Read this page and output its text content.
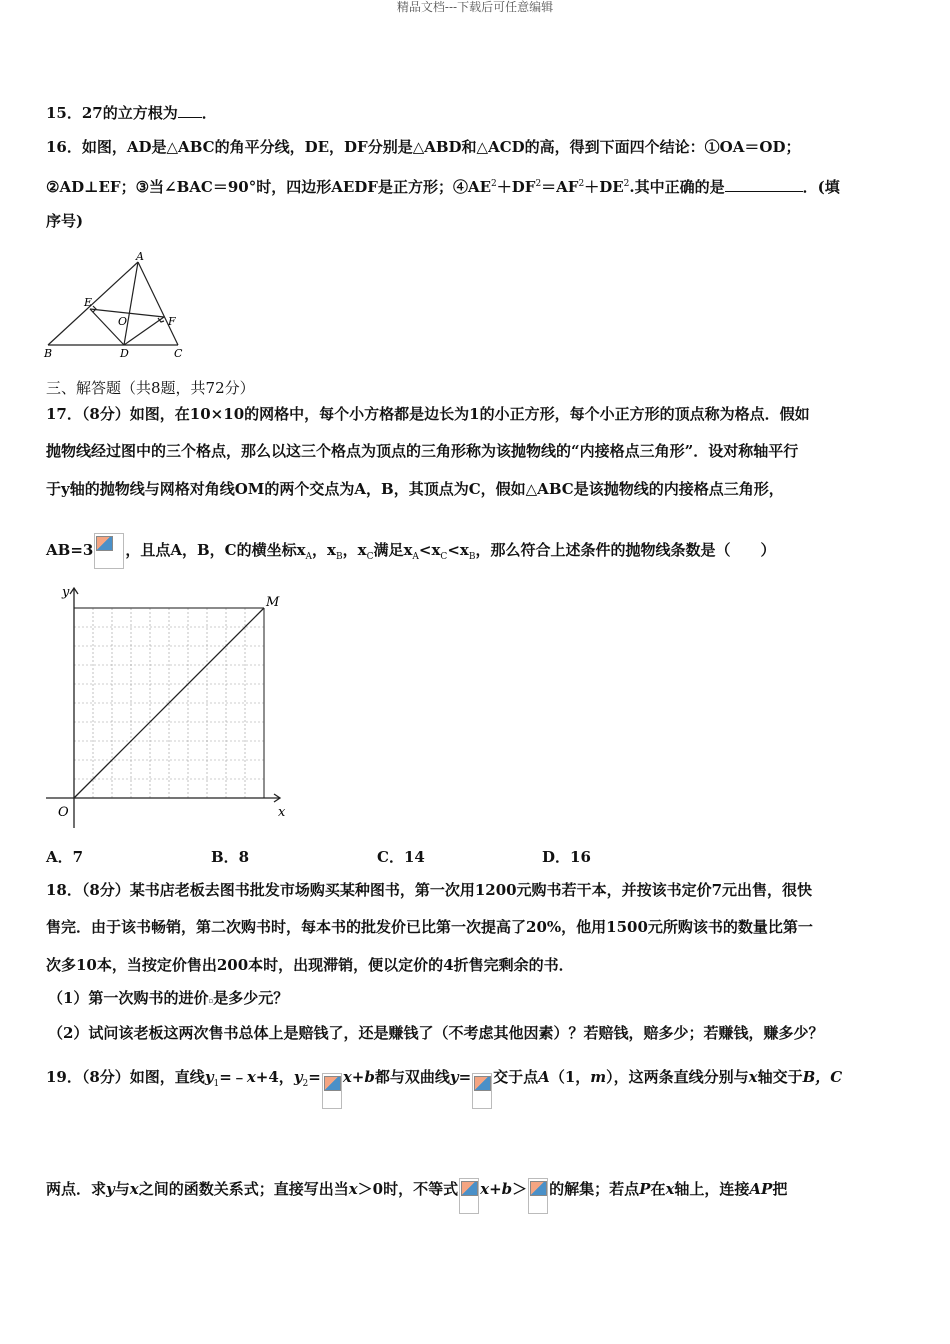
精品文档---下载后可任意编辑
15．27的立方根为 ．
16．如图，AD是△ABC的角平分线，DE，DF分别是△ABD和△ACD的高，得到下面四个结论：①OA＝OD；
②AD⊥EF；③当∠BAC＝90°时，四边形AEDF是正方形；$④AE^2+DF^2=AF^2+DE^2$.其中正确的是	．(填
序号)
A
B	C
D
E
F
O
三、解答题（共8题，共72分）
17．（8分）如图，在10×10的网格中，每个小方格都是边长为1的小正方形，每个小正方形的顶点称为格点．假如
抛物线经过图中的三个格点，那么以这三个格点为顶点的三角形称为该抛物线的“内接格点三角形”．设对称轴平行
于y轴的抛物线与网格对角线OM的两个交点为A，B，其顶点为C，假如△ABC是该抛物线的内接格点三角形，
AB=3 ，且点A，B，C的横坐标$x_A$，$x_B$，$x_C$满足$x_A<x_C<x_B$，那么符合上述条件的抛物线条数是（　　）
y
x
O
M
A．7	B．8	C．14	D．16
18．（8分）某书店老板去图书批发市场购买某种图书，第一次用1200元购书若干本，并按该书定价7元出售，很快
售完．由于该书畅销，第二次购书时，每本书的批发价已比第一次提高了20%，他用1500元所购该书的数量比第一
次多10本，当按定价售出200本时，出现滞销，便以定价的4折售完剩余的书．
（1）第一次购书的进价▫是多少元？
（2）试问该老板这两次售书总体上是赔钱了，还是赚钱了（不考虑其他因素）？若赔钱，赔多少；若赚钱，赚多少？
19．（8分）如图，直线$y_1=﹣x+4$，$y_2= x+b$都与双曲线y= 交于点A（1，m），这两条直线分别与x轴交于B，C
两点．求y与x之间的函数关系式；直接写出当x＞0时，不等式 x+b＞ 的解集；若点P在x轴上，连接AP把
